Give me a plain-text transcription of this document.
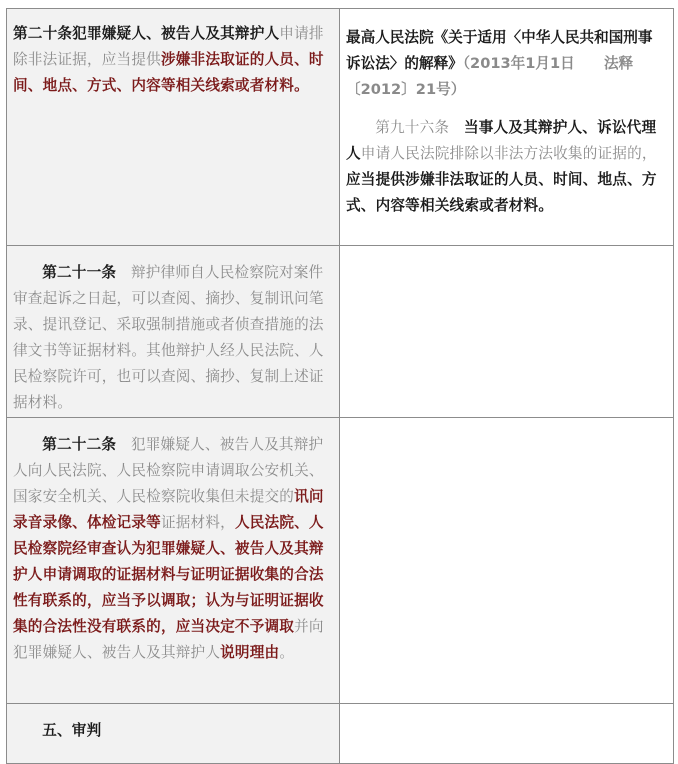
第二十条犯罪嫌疑人、被告人及其辩护人申请排除非法证据，应当提供涉嫌非法取证的人员、时间、地点、方式、内容等相关线索或者材料。	最高人民法院《关于适用〈中华人民共和国刑事诉讼法〉的解释》（2013年1月1日　　法释〔2012〕21号）
第九十六条　当事人及其辩护人、诉讼代理人申请人民法院排除以非法方法收集的证据的，应当提供涉嫌非法取证的人员、时间、地点、方式、内容等相关线索或者材料。

第二十一条　辩护律师自人民检察院对案件审查起诉之日起，可以查阅、摘抄、复制讯问笔录、提讯登记、采取强制措施或者侦查措施的法律文书等证据材料。其他辩护人经人民法院、人民检察院许可，也可以查阅、摘抄、复制上述证据材料。	

第二十二条　犯罪嫌疑人、被告人及其辩护人向人民法院、人民检察院申请调取公安机关、国家安全机关、人民检察院收集但未提交的讯问录音录像、体检记录等证据材料，人民法院、人民检察院经审查认为犯罪嫌疑人、被告人及其辩护人申请调取的证据材料与证明证据收集的合法性有联系的，应当予以调取；认为与证明证据收集的合法性没有联系的，应当决定不予调取并向犯罪嫌疑人、被告人及其辩护人说明理由。	

五、审判	
